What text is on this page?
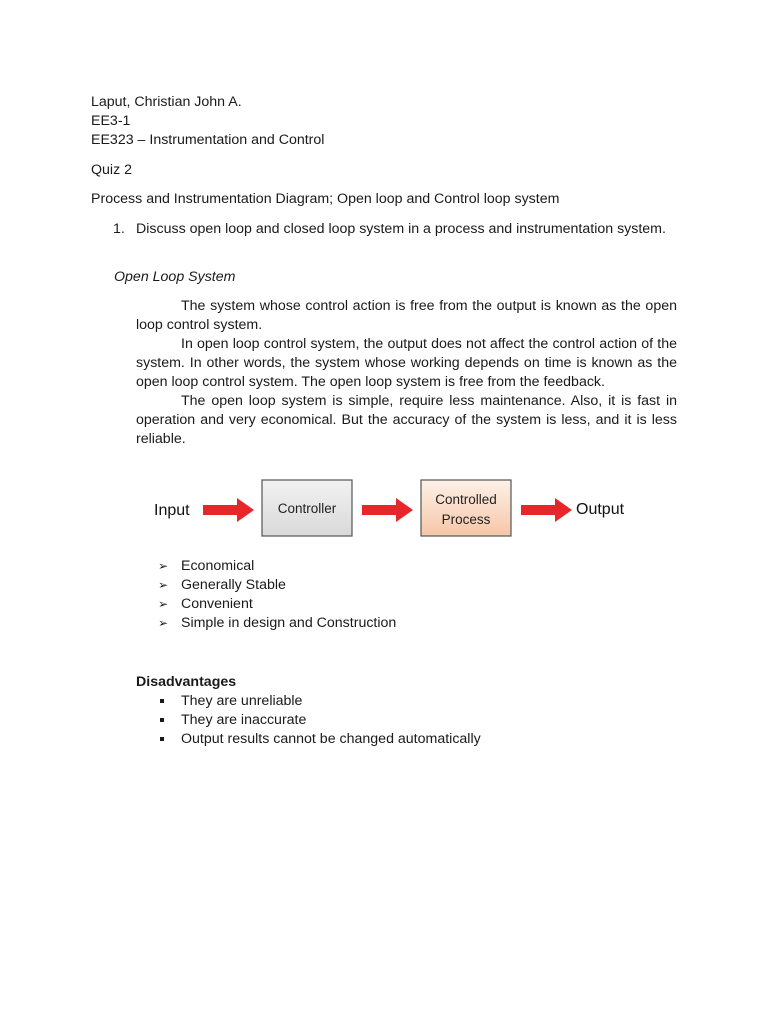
Laput, Christian John A.
EE3-1
EE323 – Instrumentation and Control
Quiz 2
Process and Instrumentation Diagram; Open loop and Control loop system
1. Discuss open loop and closed loop system in a process and instrumentation system.
Open Loop System

The system whose control action is free from the output is known as the open loop control system.

In open loop control system, the output does not affect the control action of the system. In other words, the system whose working depends on time is known as the open loop control system. The open loop system is free from the feedback.

The open loop system is simple, require less maintenance. Also, it is fast in operation and very economical. But the accuracy of the system is less, and it is less reliable.

Input	Controller
Controlled
Process
Output
➢ Economical
➢ Generally Stable
➢ Convenient
➢ Simple in design and Construction
Disadvantages
They are unreliable
They are inaccurate
Output results cannot be changed automatically
